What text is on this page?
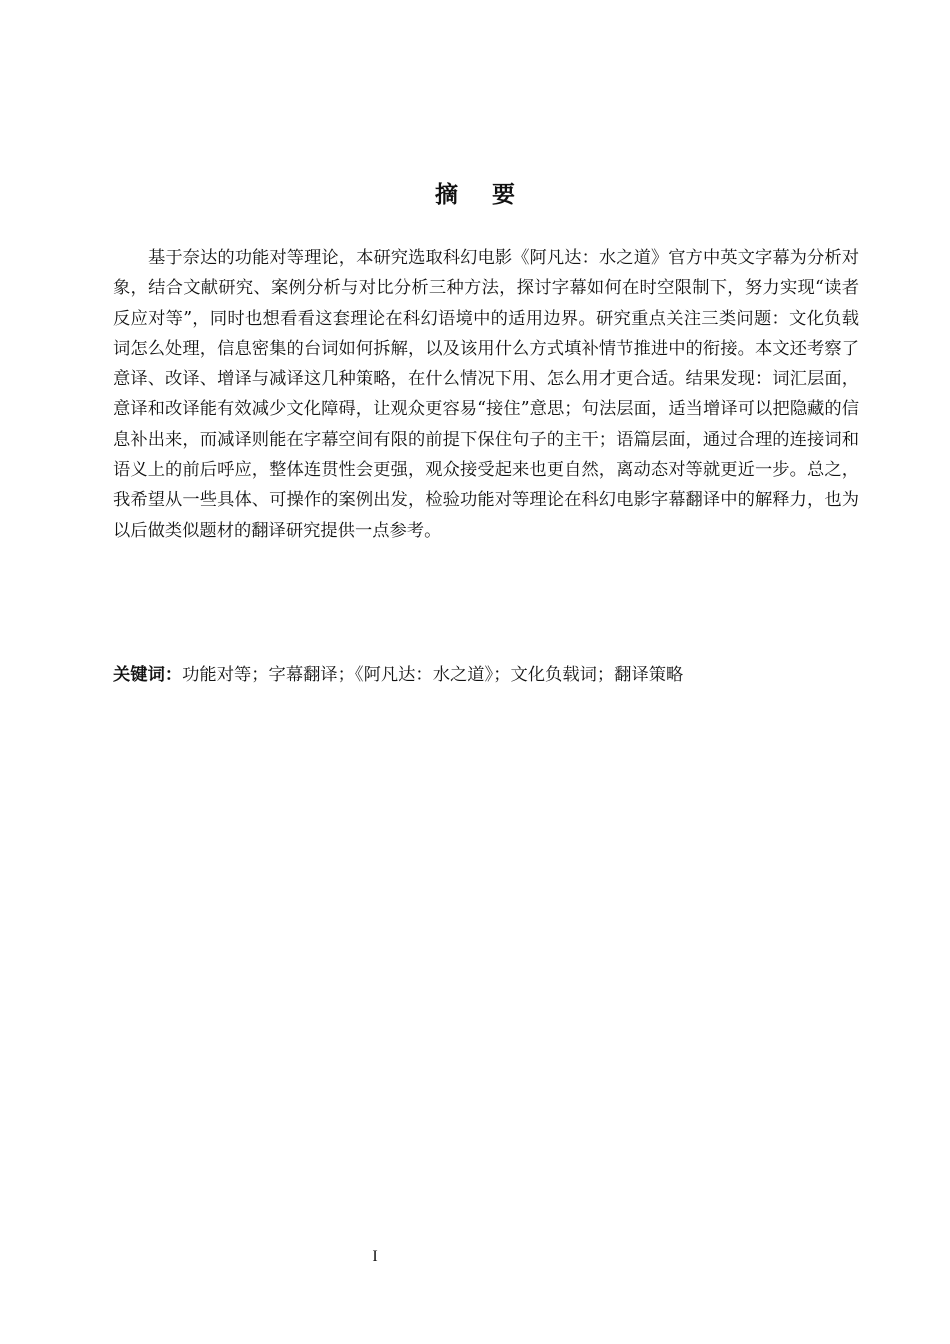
摘要

基于奈达的功能对等理论，本研究选取科幻电影《阿凡达：水之道》官方中英文字幕为分析对象，结合文献研究、案例分析与对比分析三种方法，探讨字幕如何在时空限制下，努力实现“读者反应对等”，同时也想看看这套理论在科幻语境中的适用边界。研究重点关注三类问题：文化负载词怎么处理，信息密集的台词如何拆解，以及该用什么方式填补情节推进中的衔接。本文还考察了意译、改译、增译与减译这几种策略，在什么情况下用、怎么用才更合适。结果发现：词汇层面，意译和改译能有效减少文化障碍，让观众更容易“接住”意思；句法层面，适当增译可以把隐藏的信息补出来，而减译则能在字幕空间有限的前提下保住句子的主干；语篇层面，通过合理的连接词和语义上的前后呼应，整体连贯性会更强，观众接受起来也更自然，离动态对等就更近一步。总之，我希望从一些具体、可操作的案例出发，检验功能对等理论在科幻电影字幕翻译中的解释力，也为以后做类似题材的翻译研究提供一点参考。

关键词：功能对等；字幕翻译；《阿凡达：水之道》；文化负载词；翻译策略

I
